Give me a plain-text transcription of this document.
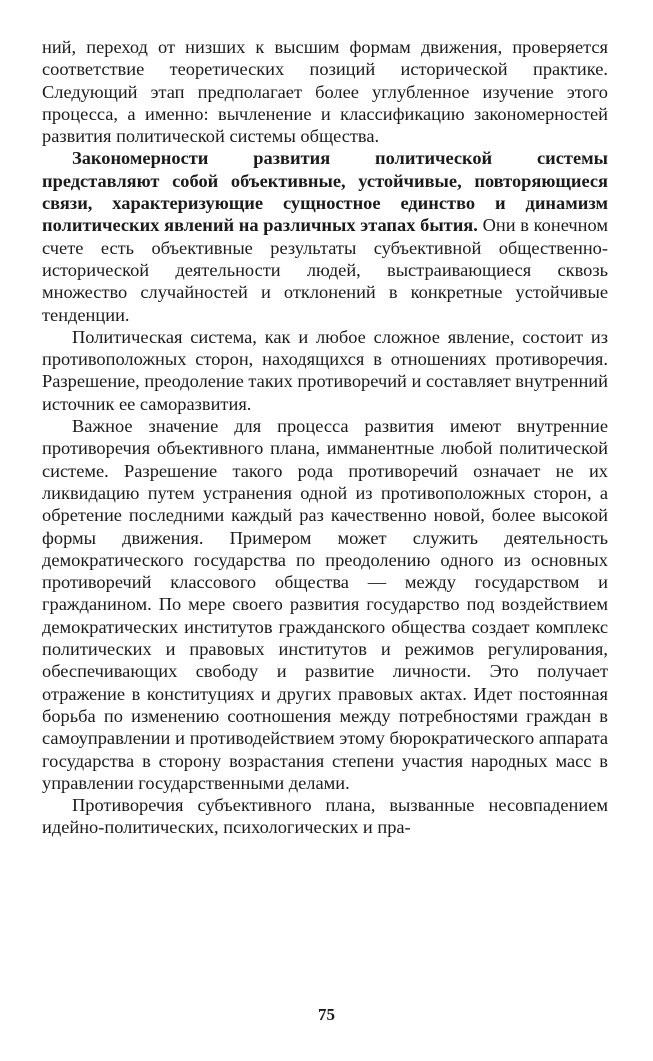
ний, переход от низших к высшим формам движения, проверяется соответствие теоретических позиций исторической практике. Следующий этап предполагает более углубленное изучение этого процесса, а именно: вычленение и классификацию закономерностей развития политической системы общества.

Закономерности развития политической системы представляют собой объективные, устойчивые, повторяющиеся связи, характеризующие сущностное единство и динамизм политических явлений на различных этапах бытия. Они в конечном счете есть объективные результаты субъективной общественно-исторической деятельности людей, выстраивающиеся сквозь множество случайностей и отклонений в конкретные устойчивые тенденции.

Политическая система, как и любое сложное явление, состоит из противоположных сторон, находящихся в отношениях противоречия. Разрешение, преодоление таких противоречий и составляет внутренний источник ее саморазвития.

Важное значение для процесса развития имеют внутренние противоречия объективного плана, имманентные любой политической системе. Разрешение такого рода противоречий означает не их ликвидацию путем устранения одной из противоположных сторон, а обретение последними каждый раз качественно новой, более высокой формы движения. Примером может служить деятельность демократического государства по преодолению одного из основных противоречий классового общества — между государством и гражданином. По мере своего развития государство под воздействием демократических институтов гражданского общества создает комплекс политических и правовых институтов и режимов регулирования, обеспечивающих свободу и развитие личности. Это получает отражение в конституциях и других правовых актах. Идет постоянная борьба по изменению соотношения между потребностями граждан в самоуправлении и противодействием этому бюрократического аппарата государства в сторону возрастания степени участия народных масс в управлении государственными делами.

Противоречия субъективного плана, вызванные несовпадением идейно-политических, психологических и пра-

75
